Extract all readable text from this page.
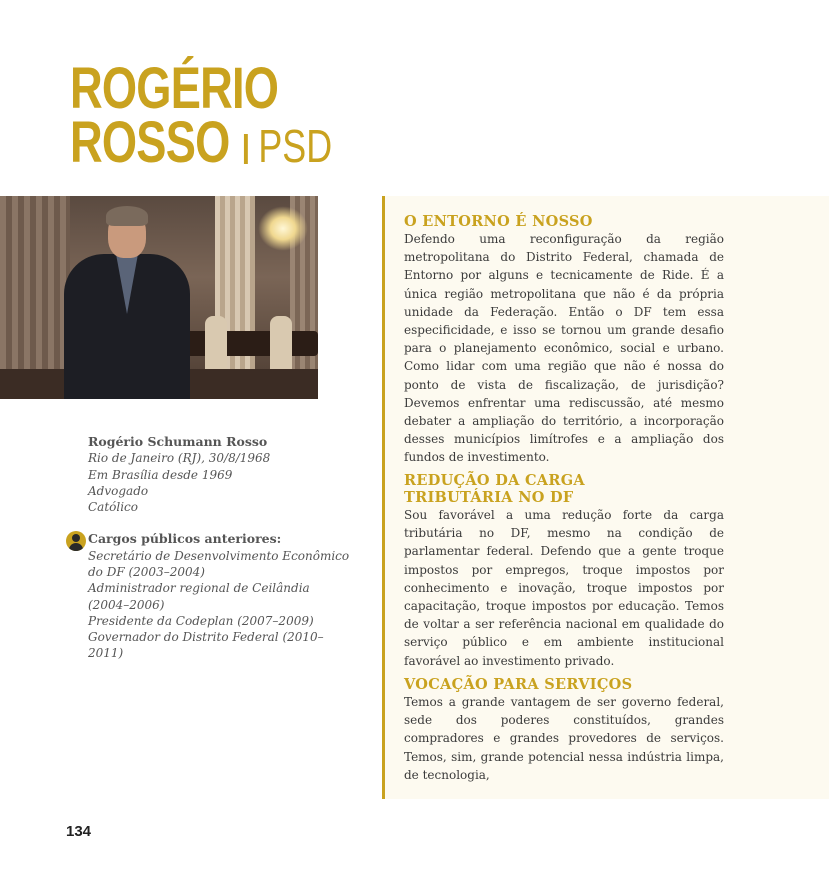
ROGÉRIO
ROSSO PSD
Rogério Schumann Rosso
Rio de Janeiro (RJ), 30/8/1968
Em Brasília desde 1969
Advogado
Católico
Cargos públicos anteriores:
Secretário de Desenvolvimento Econômico
do DF (2003–2004)
Administrador regional de Ceilândia
(2004–2006)
Presidente da Codeplan (2007–2009)
Governador do Distrito Federal (2010–2011)
O ENTORNO É NOSSO

Defendo uma reconfiguração da região metropolitana do Distrito Federal, chamada de Entorno por alguns e tecnicamente de Ride. É a única região metropolitana que não é da própria unidade da Federação. Então o DF tem essa especificidade, e isso se tornou um grande desafio para o planejamento econômico, social e urbano. Como lidar com uma região que não é nossa do ponto de vista de fiscalização, de jurisdição? Devemos enfrentar uma rediscussão, até mesmo debater a ampliação do território, a incorporação desses municípios limítrofes e a ampliação dos fundos de investimento.

REDUÇÃO DA CARGA
TRIBUTÁRIA NO DF

Sou favorável a uma redução forte da carga tributária no DF, mesmo na condição de parlamentar federal. Defendo que a gente troque impostos por empregos, troque impostos por conhecimento e inovação, troque impostos por capacitação, troque impostos por educação. Temos de voltar a ser referência nacional em qualidade do serviço público e em ambiente institucional favorável ao investimento privado.

VOCAÇÃO PARA SERVIÇOS

Temos a grande vantagem de ser governo federal, sede dos poderes constituídos, grandes compradores e grandes provedores de serviços. Temos, sim, grande potencial nessa indústria limpa, de tecnologia,

134
